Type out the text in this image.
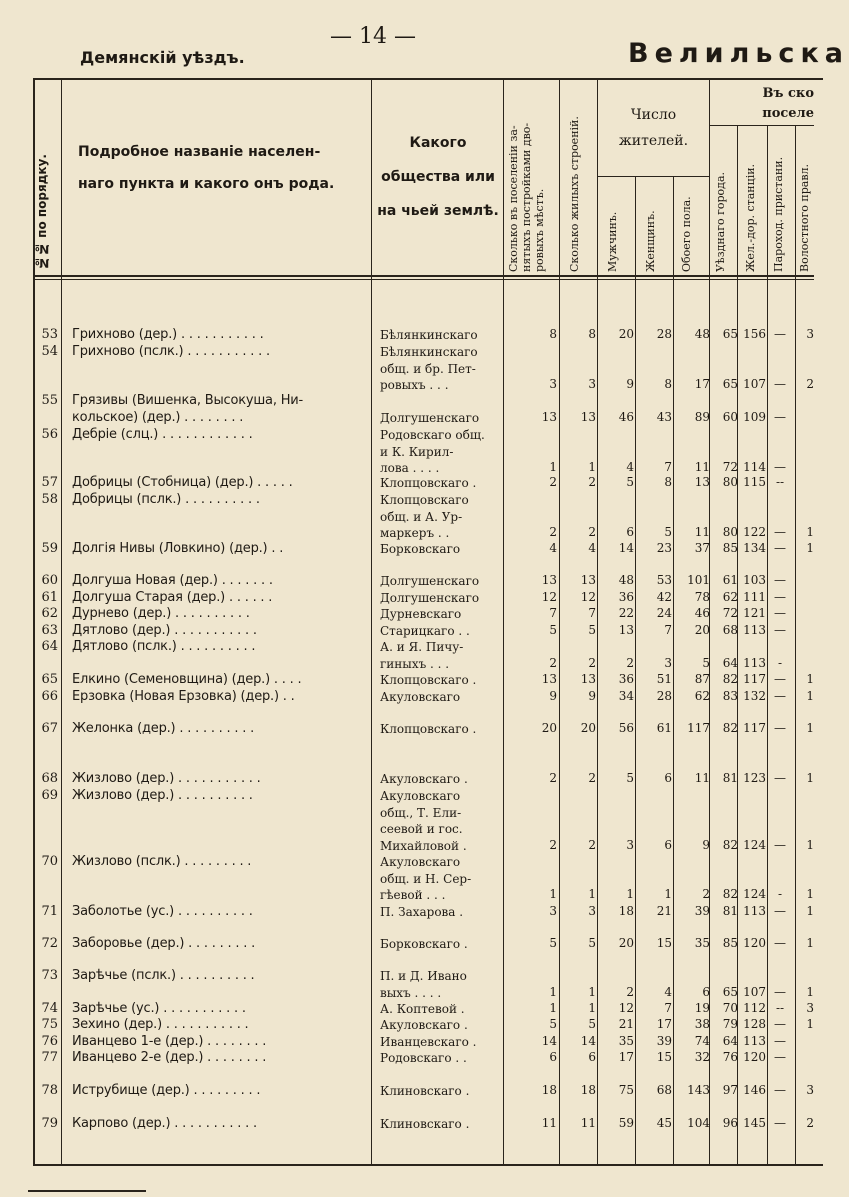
— 14 —
Демянскій уѣздъ.	Велильска
№№ по порядку.
Подробное названіе населен-
наго пункта и какого онъ рода.
Какого
общества или
на чьей землѣ. Сколько въ поселеніи за-нятыхъ постройками дво-ровыхъ мѣстъ.	Сколько жилыхъ строеній.
Число
жителей.
Мужчинъ.	Женщинъ.	Обоего пола.
Въ ско
поселе
Уѣзднаго города.	Жел.-дор. станціи.	Пароход. пристани.	Волостного правл.
53 Грихново (дер.) . . . . . . . . . . .	Бѣлянкинскаго	8	8	20	28	48	65 156 —	3
54 Грихново (пслк.) . . . . . . . . . . .	Бѣлянкинскаго
общ. и бр. Пет-
ровыхъ . . .	3	3	9	8	17	65 107 —	2
55 Грязивы (Вишенка, Высокуша, Ни-
кольское) (дер.) . . . . . . . .	
Долгушенскаго	13	13	46	43	89	60 109 —
56 Дебріе (слц.) . . . . . . . . . . . .	Родовскаго общ.
и К. Кирил-
лова . . . .	1	1	4	7	11	72 114 —
57 Добрицы (Стобница) (дер.) . . . . .	Клопцовскаго .	2	2	5	8	13	80 115 --
58 Добрицы (пслк.) . . . . . . . . . .	Клопцовскаго
общ. и А. Ур-
маркеръ . .	2	2	6	5	11	80 122 —	1
59 Долгія Нивы (Ловкино) (дер.) . .	Борковскаго	4	4	14	23	37	85 134 —	1
60 Долгуша Новая (дер.) . . . . . . .	Долгушенскаго	13	13	48	53	101	61 103 —
61 Долгуша Старая (дер.) . . . . . .	Долгушенскаго	12	12	36	42	78	62 111 —
62 Дурнево (дер.) . . . . . . . . . .	Дурневскаго	7	7	22	24	46	72 121 —
63 Дятлово (дер.) . . . . . . . . . . .	Старицкаго . .	5	5	13	7	20	68 113 —
64 Дятлово (пслк.) . . . . . . . . . .	А. и Я. Пичу-
гиныхъ . . .	2	2	2	3	5	64 113 -
65 Елкино (Семеновщина) (дер.) . . . .	Клопцовскаго .	13	13	36	51	87	82 117 —	1
66 Ерзовка (Новая Ерзовка) (дер.) . .	Акуловскаго	9	9	34	28	62	83 132 —	1
67 Желонка (дер.) . . . . . . . . . .	Клопцовскаго .	20	20	56	61	117	82 117 —	1
68 Жизлово (дер.) . . . . . . . . . . .	Акуловскаго .	2	2	5	6	11	81 123 —	1
69 Жизлово (дер.) . . . . . . . . . .	Акуловскаго
общ., Т. Ели-
сеевой и гос.
Михайловой .	2	2	3	6	9	82 124 —	1
70 Жизлово (пслк.) . . . . . . . . .	Акуловскаго
общ. и Н. Сер-
гѣевой . . .	1	1	1	1	2	82 124 -	1
71 Заболотье (ус.) . . . . . . . . . .	П. Захарова .	3	3	18	21	39	81 113 —	1
72 Заборовье (дер.) . . . . . . . . .	Борковскаго .	5	5	20	15	35	85 120 —	1
73 Зарѣчье (пслк.) . . . . . . . . . .	П. и Д. Ивано
выхъ . . . .	1	1	2	4	6	65 107 —	1
74 Зарѣчье (ус.) . . . . . . . . . . .	А. Коптевой .	1	1	12	7	19	70 112 --	3
75 Зехино (дер.) . . . . . . . . . . .	Акуловскаго .	5	5	21	17	38	79 128 —	1
76 Иванцево 1-е (дер.) . . . . . . . .	Иванцевскаго .	14	14	35	39	74	64 113 —
77 Иванцево 2-е (дер.) . . . . . . . .	Родовскаго . .	6	6	17	15	32	76 120 —
78 Иструбище (дер.) . . . . . . . . .	Клиновскаго .	18	18	75	68	143	97 146 —	3
79 Карпово (дер.) . . . . . . . . . . .	Клиновскаго .	11	11	59	45	104	96 145 —	2
